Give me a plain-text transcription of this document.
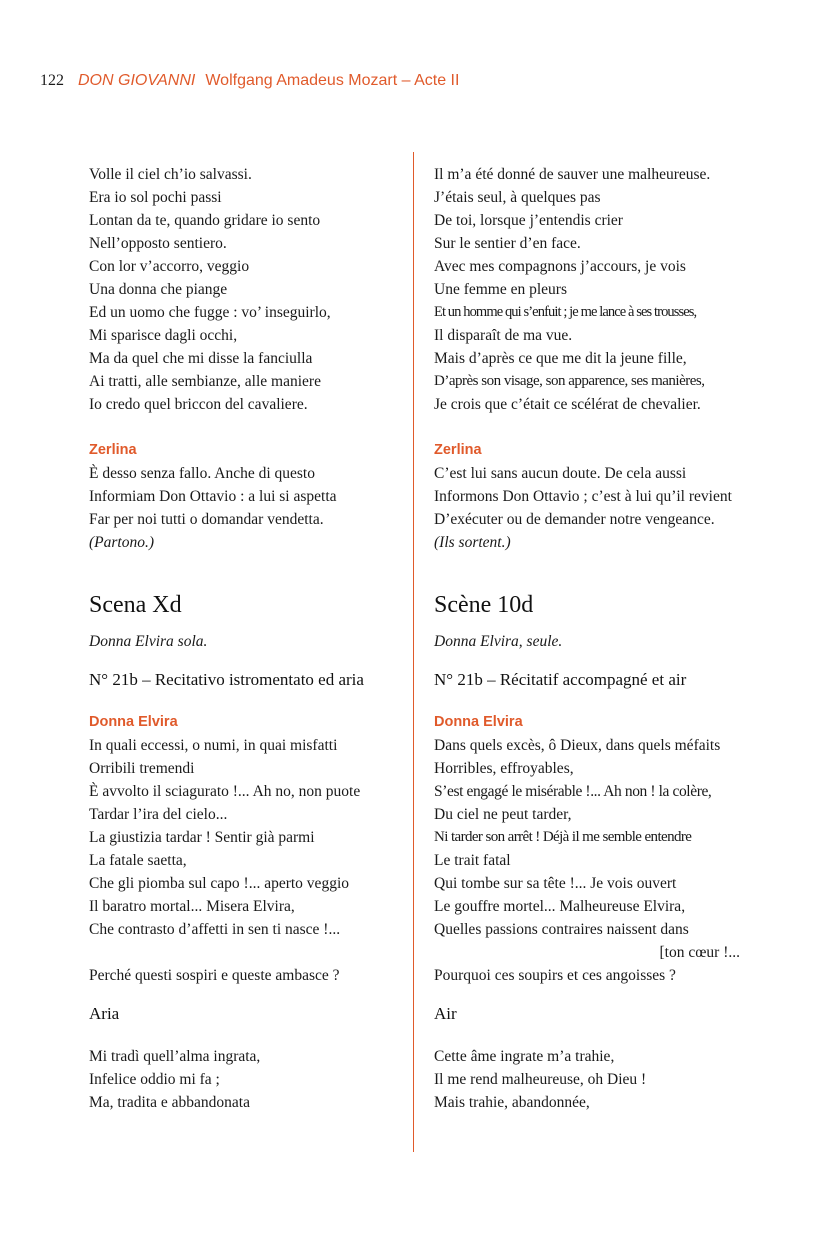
122 DON GIOVANNI Wolfgang Amadeus Mozart – Acte II
Volle il ciel ch’io salvassi.
Era io sol pochi passi
Lontan da te, quando gridare io sento
Nell’opposto sentiero.
Con lor v’accorro, veggio
Una donna che piange
Ed un uomo che fugge : vo’ inseguirlo,
Mi sparisce dagli occhi,
Ma da quel che mi disse la fanciulla
Ai tratti, alle sembianze, alle maniere
Io credo quel briccon del cavaliere.
Zerlina
È desso senza fallo. Anche di questo
Informiam Don Ottavio : a lui si aspetta
Far per noi tutti o domandar vendetta.
(Partono.)
Scena Xd
Donna Elvira sola.
N° 21b – Recitativo istromentato ed aria
Donna Elvira
In quali eccessi, o numi, in quai misfatti
Orribili tremendi
È avvolto il sciagurato !... Ah no, non puote
Tardar l’ira del cielo...
La giustizia tardar ! Sentir già parmi
La fatale saetta,
Che gli piomba sul capo !... aperto veggio
Il baratro mortal... Misera Elvira,
Che contrasto d’affetti in sen ti nasce !...
Perché questi sospiri e queste ambasce ?
Aria
Mi tradì quell’alma ingrata,
Infelice oddio mi fa ;
Ma, tradita e abbandonata
Il m’a été donné de sauver une malheureuse.
J’étais seul, à quelques pas
De toi, lorsque j’entendis crier
Sur le sentier d’en face.
Avec mes compagnons j’accours, je vois
Une femme en pleurs
Et un homme qui s’enfuit ; je me lance à ses trousses,
Il disparaît de ma vue.
Mais d’après ce que me dit la jeune fille,
D’après son visage, son apparence, ses manières,
Je crois que c’était ce scélérat de chevalier.
Zerlina
C’est lui sans aucun doute. De cela aussi
Informons Don Ottavio ; c’est à lui qu’il revient
D’exécuter ou de demander notre vengeance.
(Ils sortent.)
Scène 10d
Donna Elvira, seule.
N° 21b – Récitatif accompagné et air
Donna Elvira
Dans quels excès, ô Dieux, dans quels méfaits
Horribles, effroyables,
S’est engagé le misérable !... Ah non ! la colère,
Du ciel ne peut tarder,
Ni tarder son arrêt ! Déjà il me semble entendre
Le trait fatal
Qui tombe sur sa tête !... Je vois ouvert
Le gouffre mortel... Malheureuse Elvira,
Quelles passions contraires naissent dans
[ton cœur !...
Pourquoi ces soupirs et ces angoisses ?
Air
Cette âme ingrate m’a trahie,
Il me rend malheureuse, oh Dieu !
Mais trahie, abandonnée,
